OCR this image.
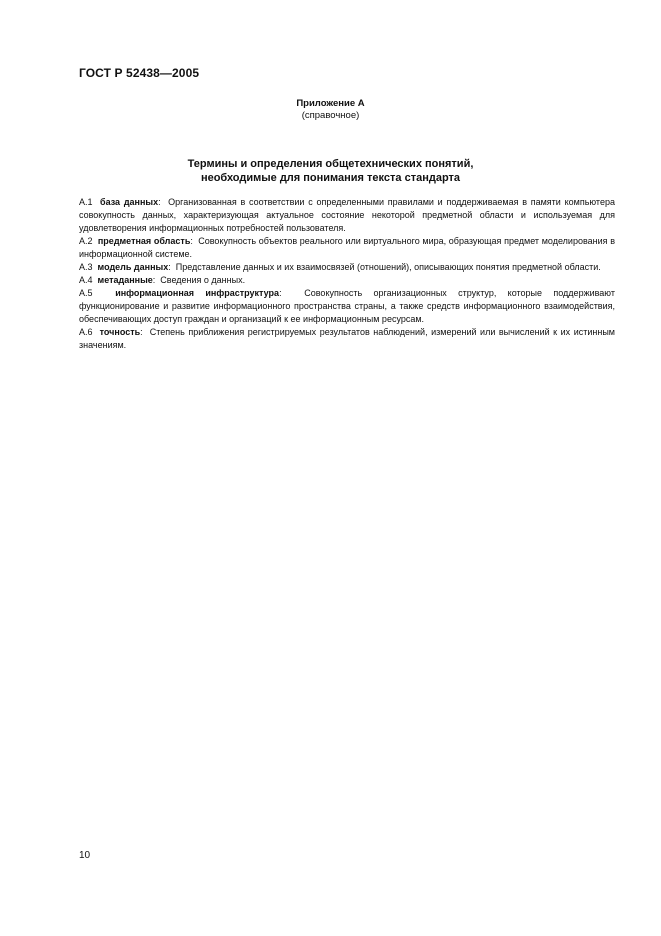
ГОСТ Р 52438—2005
Приложение А
(справочное)
Термины и определения общетехнических понятий,
необходимые для понимания текста стандарта

А.1 база данных:  Организованная в соответствии с определенными правилами и поддерживаемая в памяти компьютера совокупность данных, характеризующая актуальное состояние некоторой предметной области и используемая для удовлетворения информационных потребностей пользователя.

А.2 предметная область:  Совокупность объектов реального или виртуального мира, образующая предмет моделирования в информационной системе.

А.3 модель данных:  Представление данных и их взаимосвязей (отношений), описывающих понятия предметной области.

А.4 метаданные:  Сведения о данных.

А.5	информационная инфраструктура:  Совокупность организационных структур, которые поддерживают функционирование и развитие информационного пространства страны, а также средств информационного взаимодействия, обеспечивающих доступ граждан и организаций к ее информационным ресурсам.

А.6 точность:  Степень приближения регистрируемых результатов наблюдений, измерений или вычислений к их истинным значениям.

10
